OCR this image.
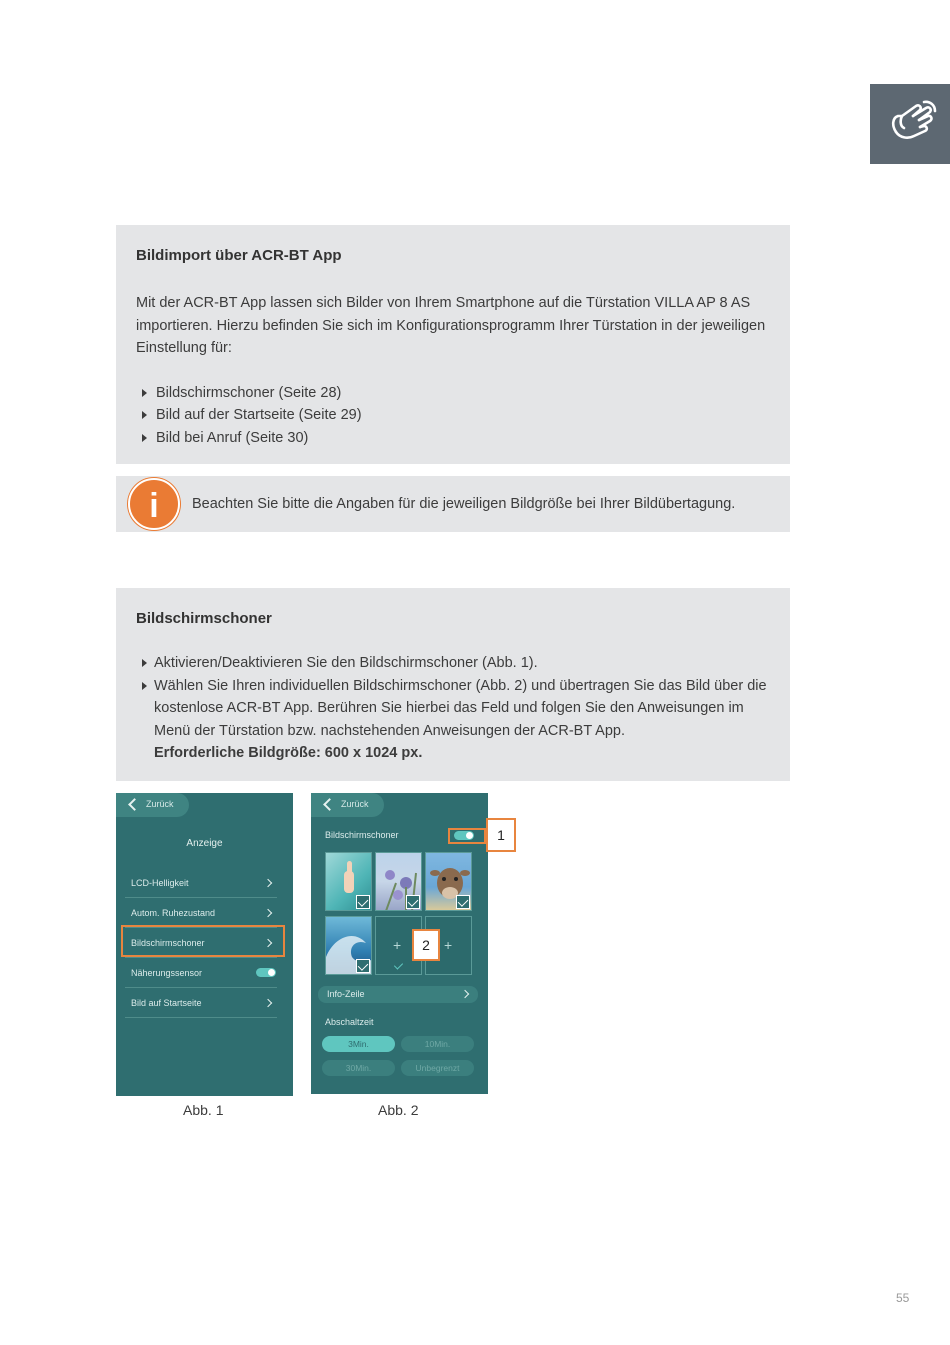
Bildimport über ACR-BT App
Mit der ACR-BT App lassen sich Bilder von Ihrem Smartphone auf die Türstation VILLA AP 8 AS importieren. Hierzu befinden Sie sich im Konfigurationsprogramm Ihrer Türstation in der jeweiligen Einstellung für:
Bildschirmschoner (Seite 28)
Bild auf der Startseite (Seite 29)
Bild bei Anruf (Seite 30)
i	Beachten Sie bitte die Angaben für die jeweiligen Bildgröße bei Ihrer Bildübertagung.
Bildschirmschoner
Aktivieren/Deaktivieren Sie den Bildschirmschoner (Abb. 1).
Wählen Sie Ihren individuellen Bildschirmschoner (Abb. 2) und übertragen Sie das Bild über die kostenlose ACR-BT App. Berühren Sie hierbei das Feld und folgen Sie den Anweisungen im Menü der Türstation bzw. nachstehenden Anweisungen der ACR-BT App.
Erforderliche Bildgröße: 600 x 1024 px.
Zurück
Anzeige
LCD-Helligkeit
Autom. Ruhezustand
Bildschirmschoner
Näherungssensor
Bild auf Startseite
Zurück
Bildschirmschoner
+	+
Info-Zeile
Abschaltzeit
3Min.	10Min.
30Min.	Unbegrenzt
1
2
Abb. 1	Abb. 2
55
